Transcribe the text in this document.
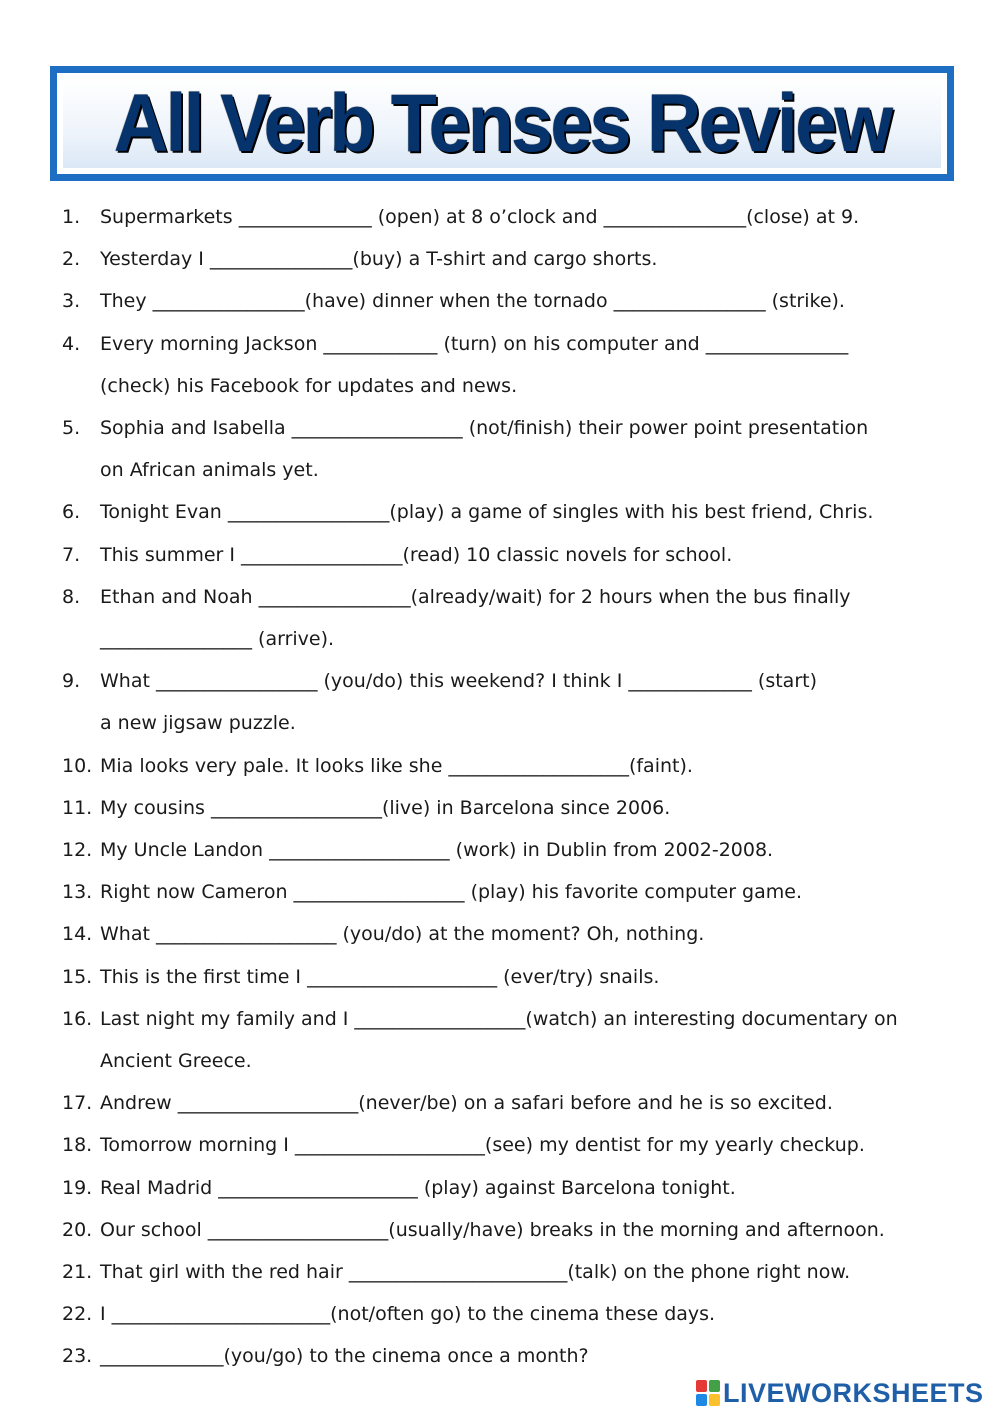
All Verb Tenses Review
1. Supermarkets ______________ (open) at 8 o’clock and _______________(close) at 9.
2. Yesterday I _______________(buy) a T-shirt and cargo shorts.
3. They ________________(have) dinner when the tornado ________________ (strike).
4. Every morning Jackson ____________ (turn) on his computer and _______________
(check) his Facebook for updates and news.
5. Sophia and Isabella __________________ (not/finish) their power point presentation
on African animals yet.
6. Tonight Evan _________________(play) a game of singles with his best friend, Chris.
7. This summer I _________________(read) 10 classic novels for school.
8. Ethan and Noah ________________(already/wait) for 2 hours when the bus finally
________________ (arrive).
9. What _________________ (you/do) this weekend? I think I _____________ (start)
a new jigsaw puzzle.
10. Mia looks very pale. It looks like she ___________________(faint).
11. My cousins __________________(live) in Barcelona since 2006.
12. My Uncle Landon ___________________ (work) in Dublin from 2002-2008.
13. Right now Cameron __________________ (play) his favorite computer game.
14. What ___________________ (you/do) at the moment? Oh, nothing.
15. This is the first time I ____________________ (ever/try) snails.
16. Last night my family and I __________________(watch) an interesting documentary on
Ancient Greece.
17. Andrew ___________________(never/be) on a safari before and he is so excited.
18. Tomorrow morning I ____________________(see) my dentist for my yearly checkup.
19. Real Madrid _____________________ (play) against Barcelona tonight.
20. Our school ___________________(usually/have) breaks in the morning and afternoon.
21. That girl with the red hair _______________________(talk) on the phone right now.
22. I _______________________(not/often go) to the cinema these days.
23. _____________(you/go) to the cinema once a month?
LIVEWORKSHEETS
